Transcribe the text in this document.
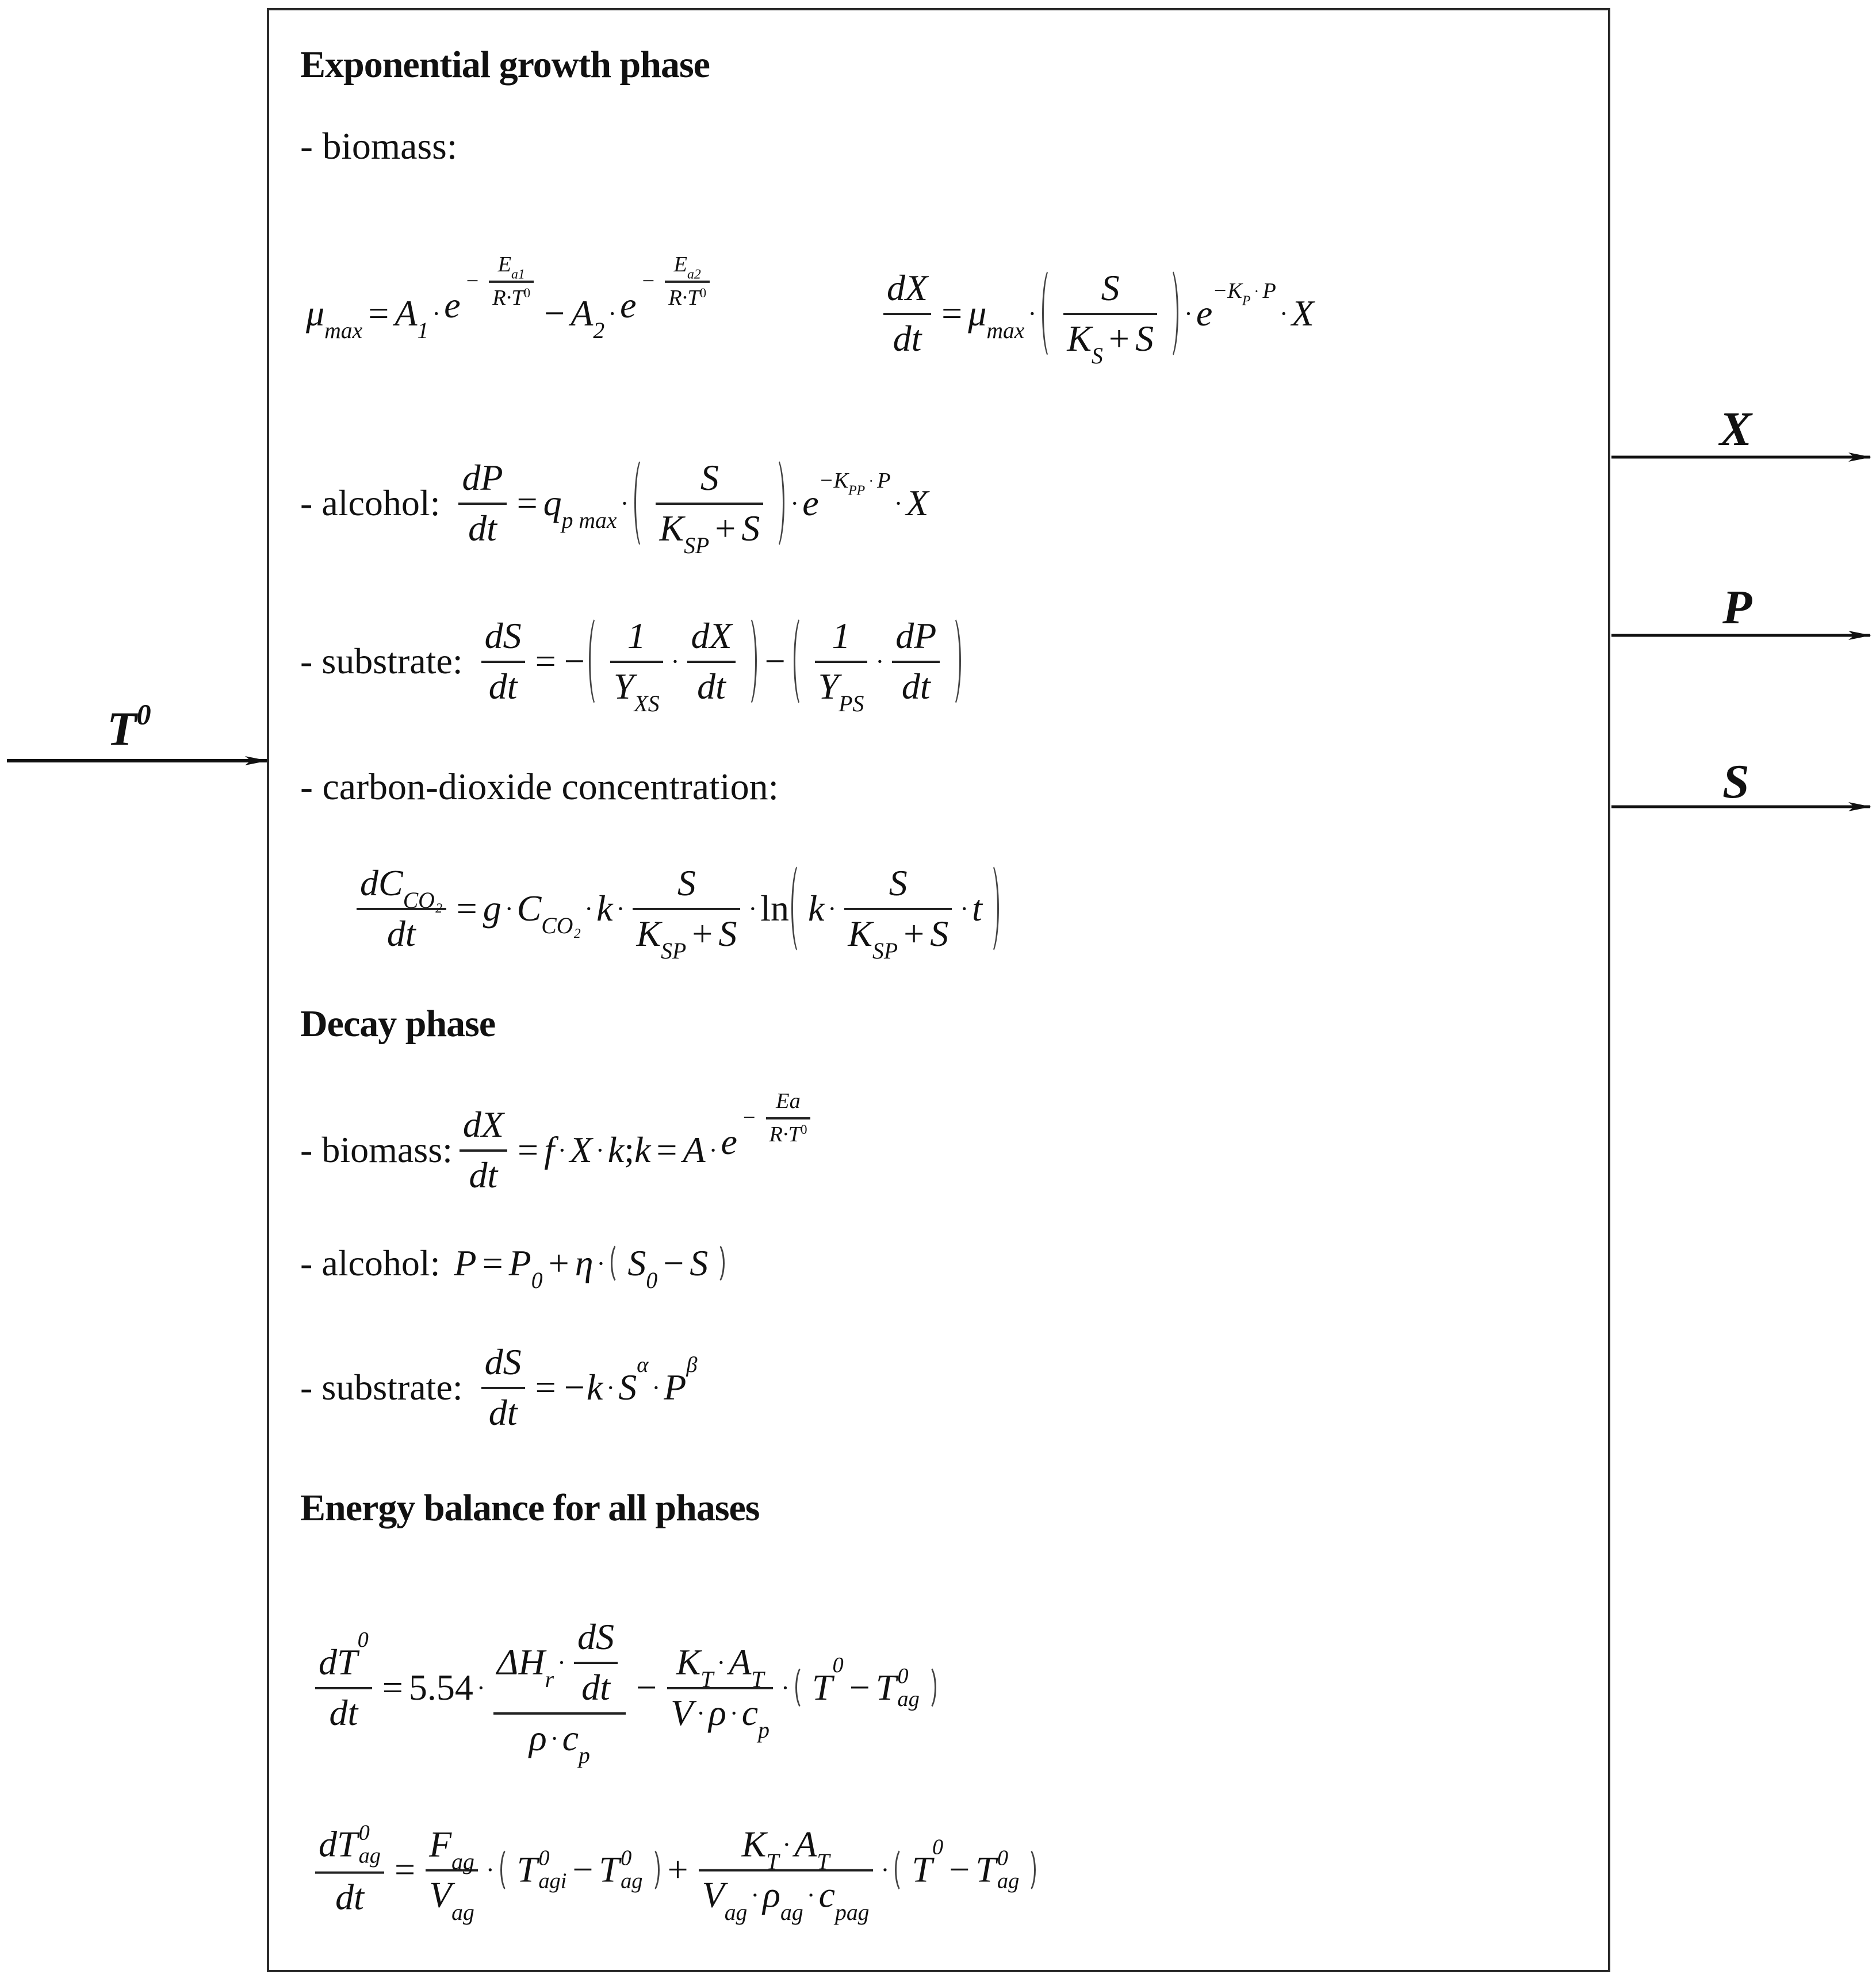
$T^0$
X
P
S
Exponential growth phase
- biomass:
μ max = A 1
· e
− $\frac{\text{E a1}}{R\cdot T 0}$
− A 2
· e
− $\frac{\text{E a2}}{R\cdot T 0}$	$\frac{dX}{dt} = \mu$ max
· $\frac{S}{\text{K S + S}} \cdot e$
− K P
· P
· X
- alcohol: $\frac{dP}{dt} = q$ p max
· $\frac{S}{\text{K SP + S}} \cdot e$
− K PP
· P
· X
- substrate: $\frac{dS}{dt}$ = − $\frac{1}{\text{Y XS}} \cdot \frac{dX}{dt} - \frac{1}{\text{Y PS}} \cdot \frac{dP}{dt}$
- carbon-dioxide concentration:
$\frac{\text{d C CO₂}}{dt} = g \cdot C$ CO₂
· $k \cdot \frac{S}{\text{K SP + S}} \cdot \ln k \cdot \frac{S}{\text{K SP + S}} \cdot t$
Decay phase
- biomass: $\frac{dX}{dt} = f \cdot X \cdot k$ ; k = A · e
− $\frac{Ea}{R\cdot T 0}$
- alcohol: P = P 0 + η · S 0 − S
- substrate: $\frac{dS}{dt} = -k \cdot S$
α
· P
β
Energy balance for all phases
dT
0
dt = 5.54 · ΔH r
· $\frac{dS}{dt}$
ρ · c p − K T
· A T
V · ρ · c p · T
0
− T 0
ag
d T 0
ag
dt = $\frac{\text{F ag}}{\text{V ag}} \cdot T$ 0
agi − T 0
ag + K T
· A T
V ag
· ρ ag
· c pag · T
0
− T 0
ag
